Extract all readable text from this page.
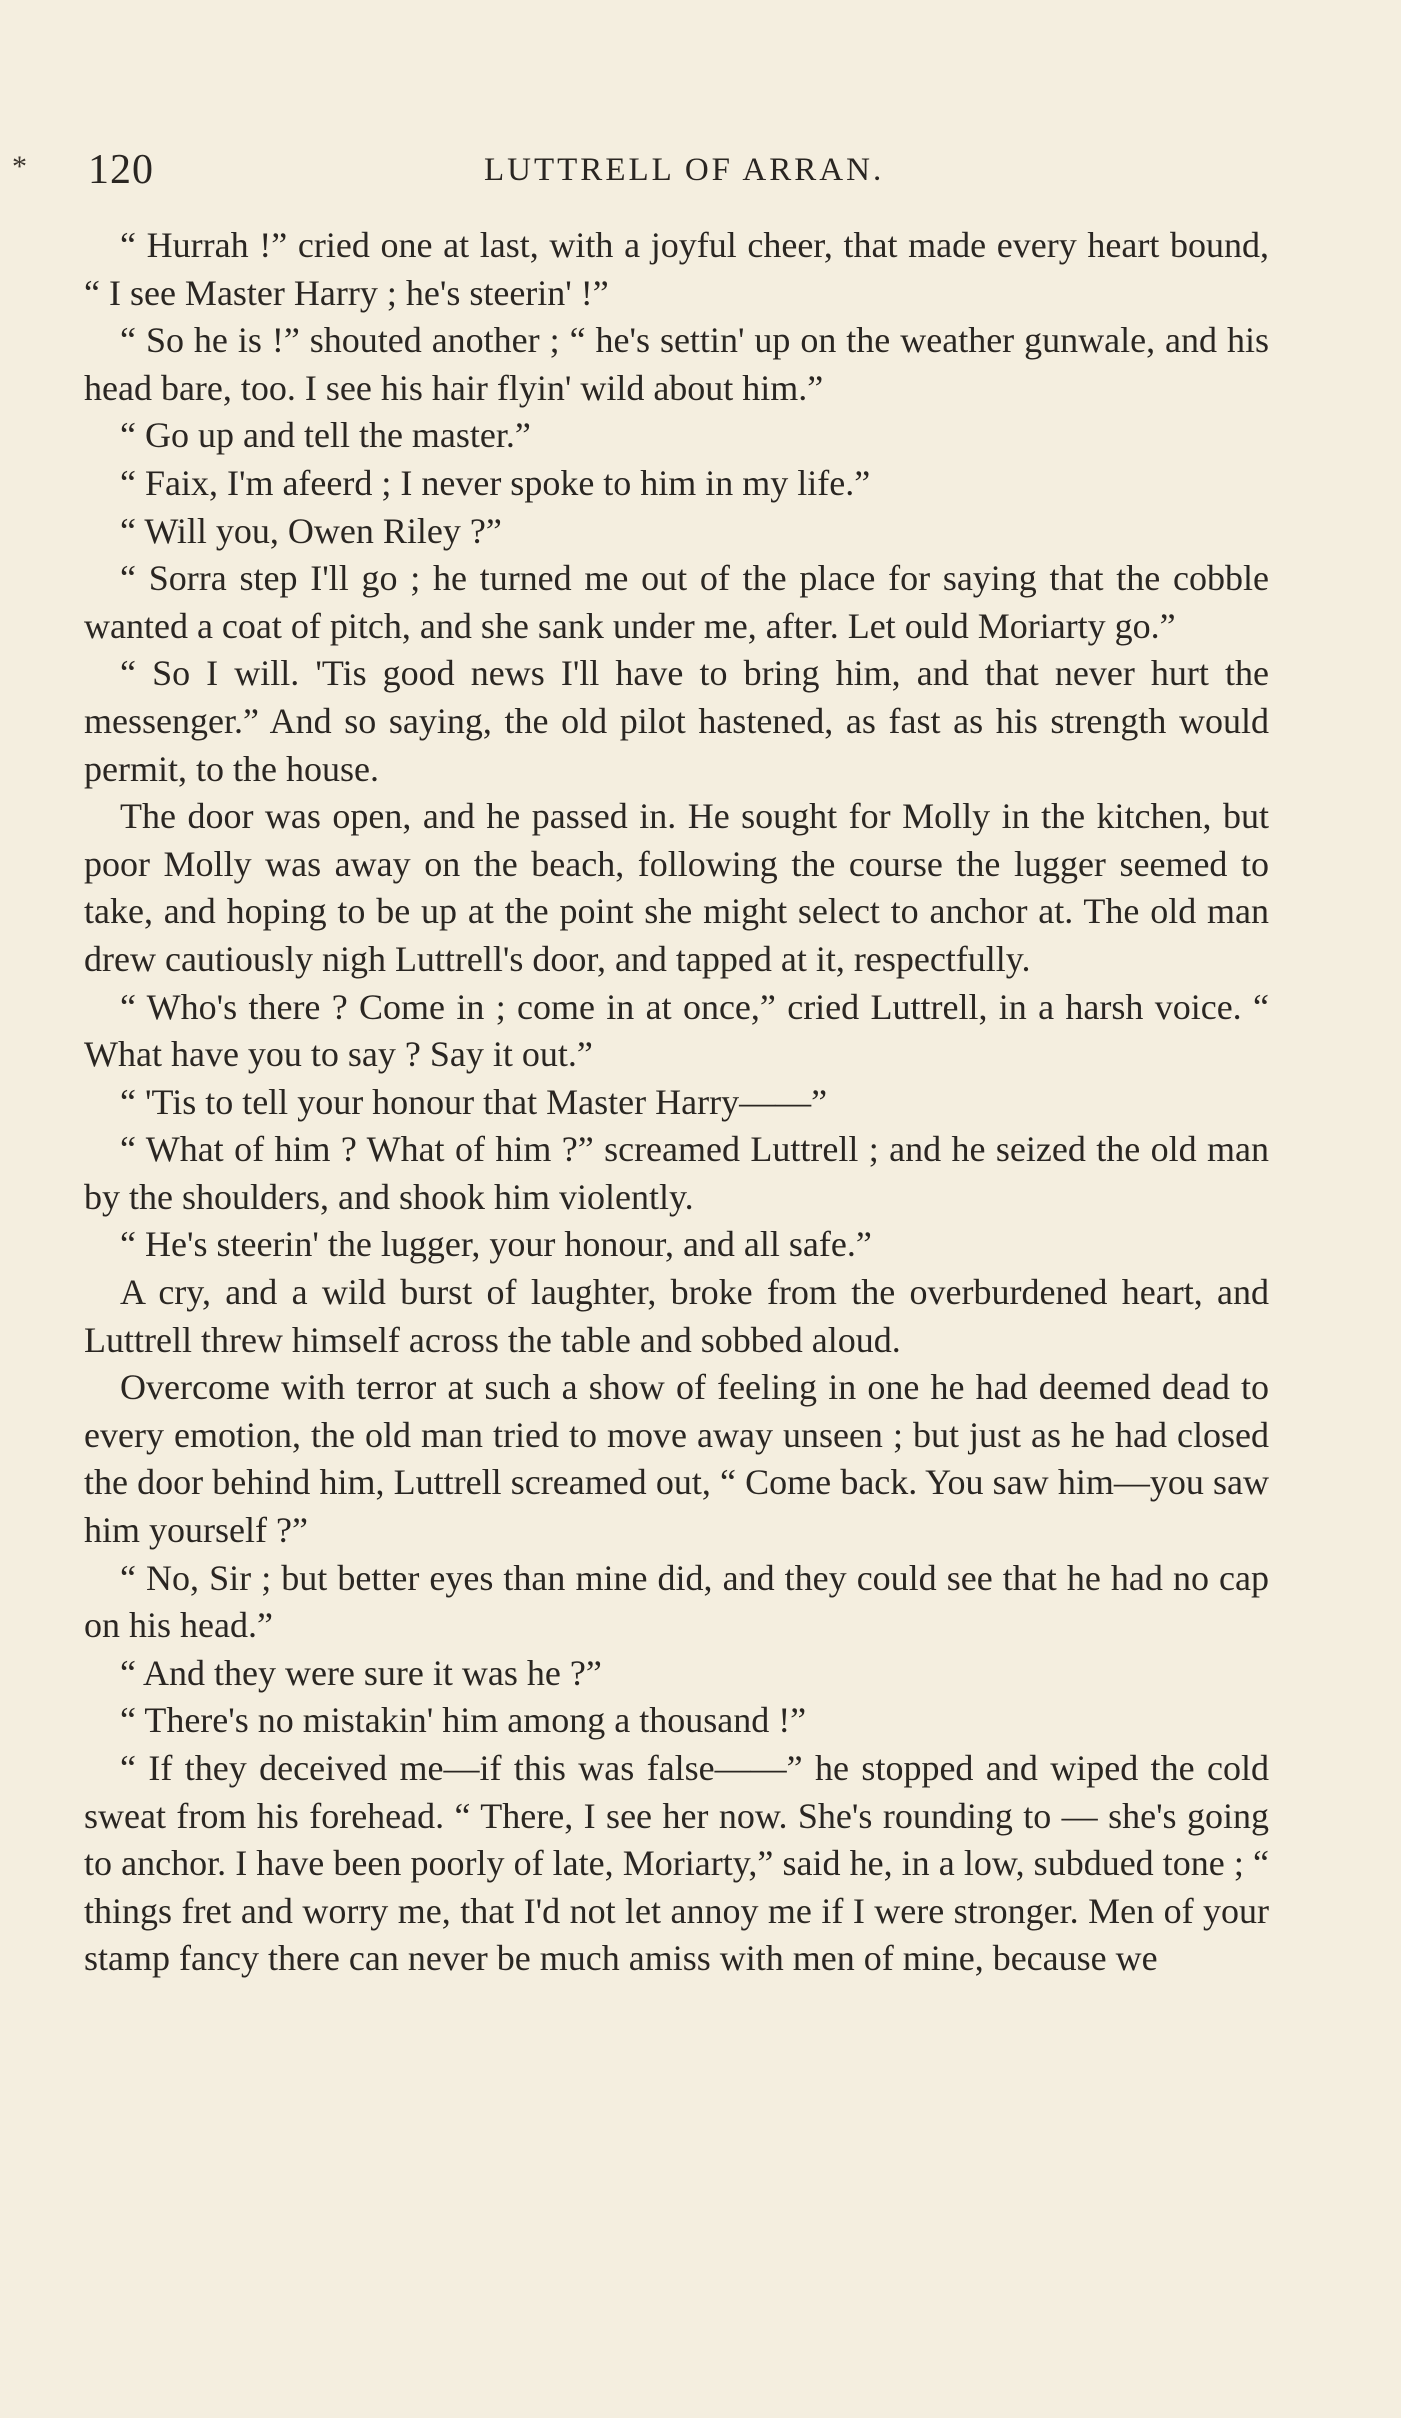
* 120	LUTTRELL OF ARRAN.

“ Hurrah !” cried one at last, with a joyful cheer, that made every heart bound, “ I see Master Harry ; he's steerin' !”

“ So he is !” shouted another ; “ he's settin' up on the weather gunwale, and his head bare, too. I see his hair flyin' wild about him.”

“ Go up and tell the master.”

“ Faix, I'm afeerd ; I never spoke to him in my life.”

“ Will you, Owen Riley ?”

“ Sorra step I'll go ; he turned me out of the place for saying that the cobble wanted a coat of pitch, and she sank under me, after. Let ould Moriarty go.”

“ So I will. 'Tis good news I'll have to bring him, and that never hurt the messenger.” And so saying, the old pilot hastened, as fast as his strength would permit, to the house.

The door was open, and he passed in. He sought for Molly in the kitchen, but poor Molly was away on the beach, following the course the lugger seemed to take, and hoping to be up at the point she might select to anchor at. The old man drew cautiously nigh Luttrell's door, and tapped at it, respectfully.

“ Who's there ? Come in ; come in at once,” cried Luttrell, in a harsh voice. “ What have you to say ? Say it out.”

“ 'Tis to tell your honour that Master Harry——”

“ What of him ? What of him ?” screamed Luttrell ; and he seized the old man by the shoulders, and shook him violently.

“ He's steerin' the lugger, your honour, and all safe.”

A cry, and a wild burst of laughter, broke from the overburdened heart, and Luttrell threw himself across the table and sobbed aloud.

Overcome with terror at such a show of feeling in one he had deemed dead to every emotion, the old man tried to move away unseen ; but just as he had closed the door behind him, Luttrell screamed out, “ Come back. You saw him—you saw him yourself ?”

“ No, Sir ; but better eyes than mine did, and they could see that he had no cap on his head.”

“ And they were sure it was he ?”

“ There's no mistakin' him among a thousand !”

“ If they deceived me—if this was false——” he stopped and wiped the cold sweat from his forehead. “ There, I see her now. She's rounding to — she's going to anchor. I have been poorly of late, Moriarty,” said he, in a low, subdued tone ; “ things fret and worry me, that I'd not let annoy me if I were stronger. Men of your stamp fancy there can never be much amiss with men of mine, because we
